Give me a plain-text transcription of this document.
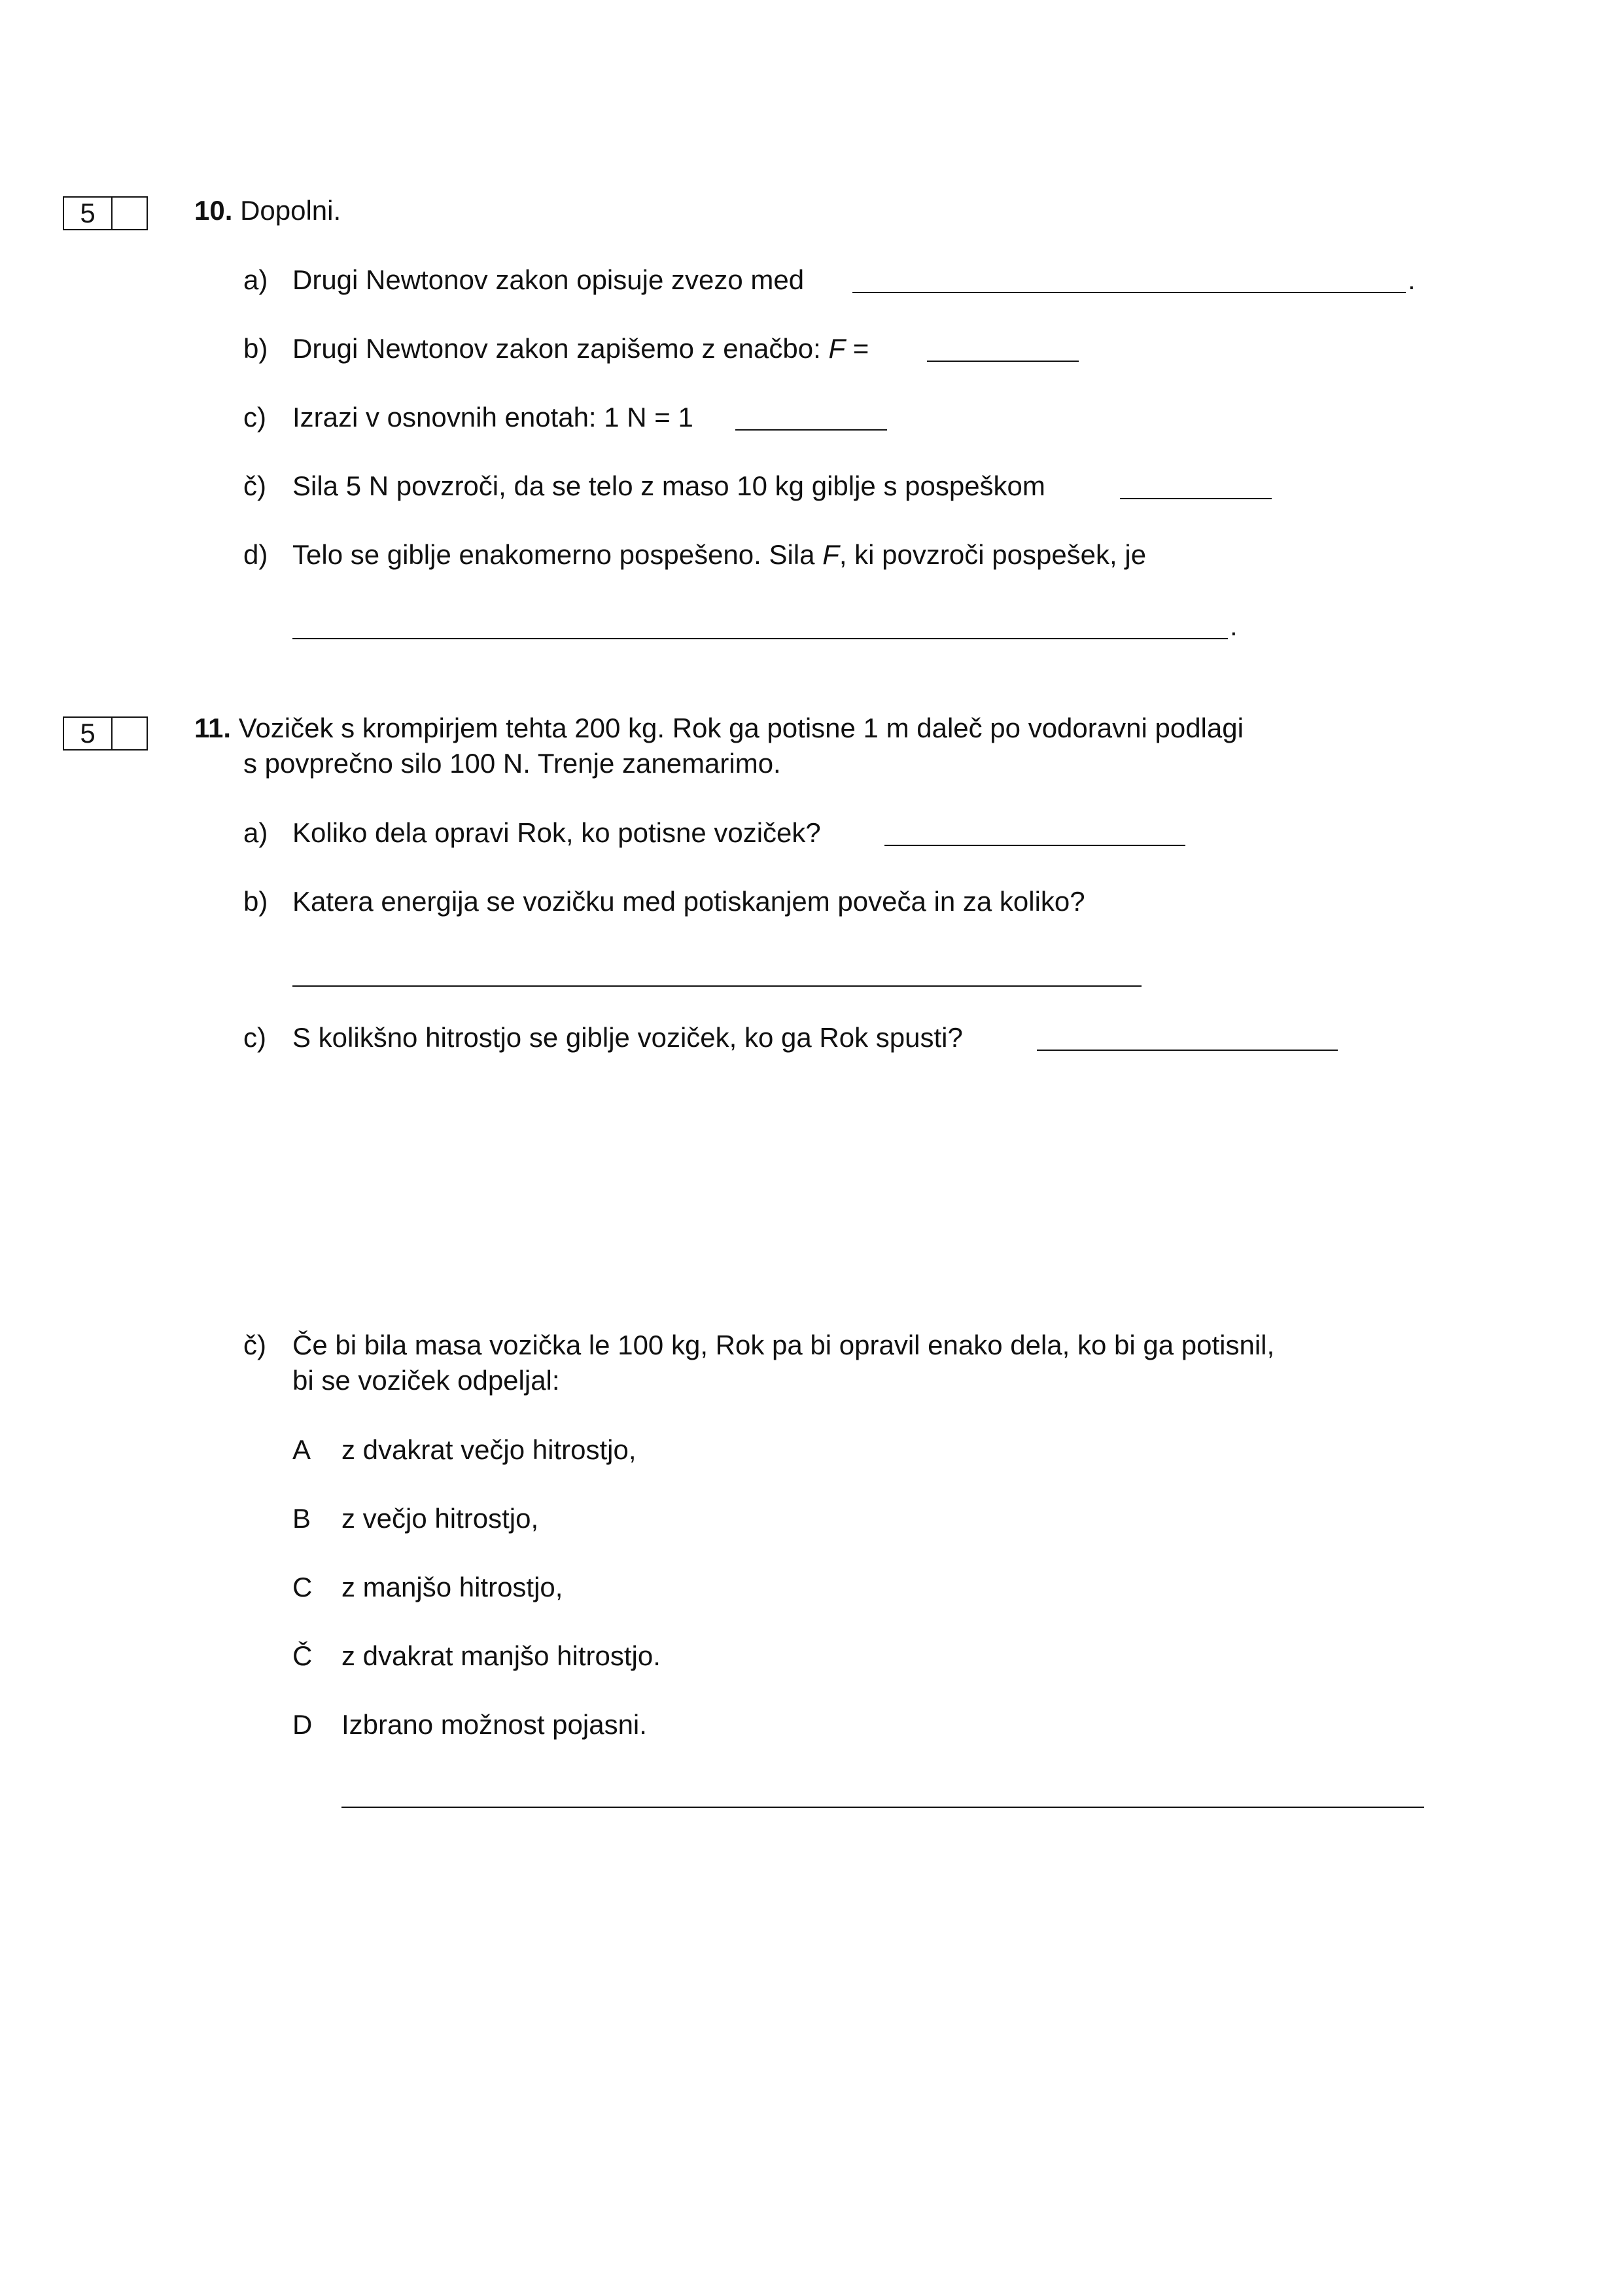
5	10. Dopolni.
a) Drugi Newtonov zakon opisuje zvezo med	.
b) Drugi Newtonov zakon zapišemo z enačbo: F =
c) Izrazi v osnovnih enotah: 1 N = 1
č) Sila 5 N povzroči, da se telo z maso 10 kg giblje s pospeškom
d) Telo se giblje enakomerno pospešeno. Sila F, ki povzroči pospešek, je
.
5	11. Voziček s krompirjem tehta 200 kg. Rok ga potisne 1 m daleč po vodoravni podlagi
s povprečno silo 100 N. Trenje zanemarimo.
a) Koliko dela opravi Rok, ko potisne voziček?
b) Katera energija se vozičku med potiskanjem poveča in za koliko?
c) S kolikšno hitrostjo se giblje voziček, ko ga Rok spusti?
č) Če bi bila masa vozička le 100 kg, Rok pa bi opravil enako dela, ko bi ga potisnil,
bi se voziček odpeljal:
A z dvakrat večjo hitrostjo,
B z večjo hitrostjo,
C z manjšo hitrostjo,
Č z dvakrat manjšo hitrostjo.
D Izbrano možnost pojasni.
